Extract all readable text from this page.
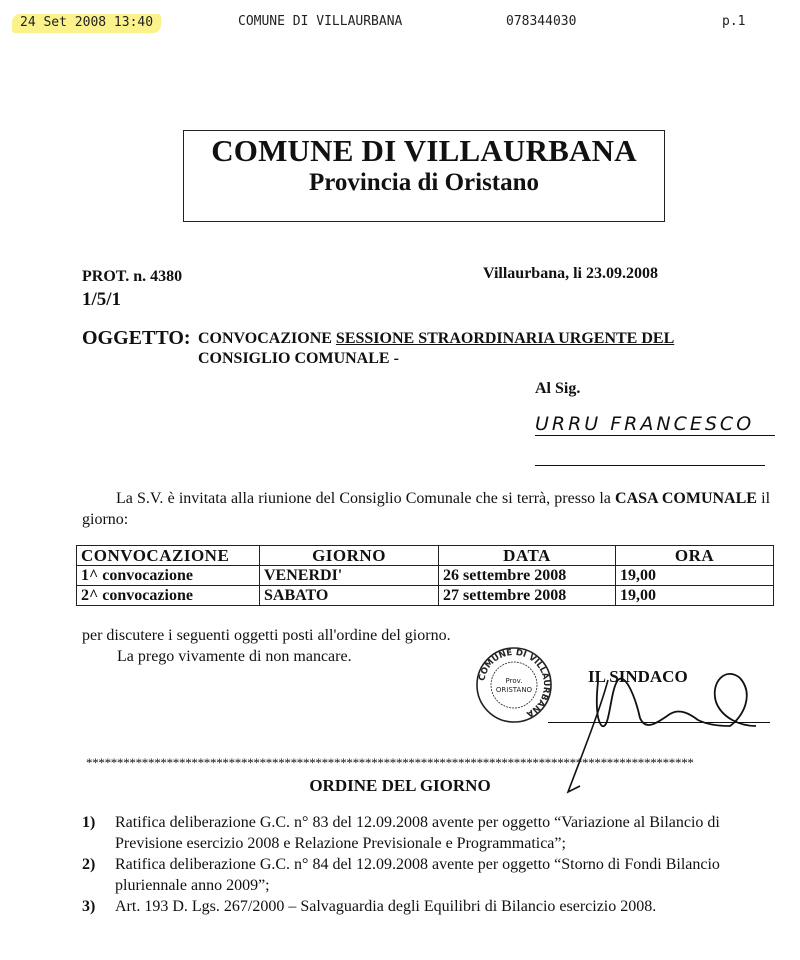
24 Set 2008 13:40	COMUNE DI VILLAURBANA	078344030	p.1
COMUNE DI VILLAURBANA
Provincia di Oristano
PROT. n. 4380
1/5/1
Villaurbana, li 23.09.2008
OGGETTO: CONVOCAZIONE SESSIONE STRAORDINARIA URGENTE DEL
CONSIGLIO COMUNALE -
Al Sig.
URRU FRANCESCO
La S.V. è invitata alla riunione del Consiglio Comunale che si terrà, presso la CASA COMUNALE il giorno:
CONVOCAZIONE	GIORNO	DATA	ORA
1^ convocazione	VENERDI'	26 settembre 2008	19,00
2^ convocazione	SABATO	27 settembre 2008	19,00
per discutere i seguenti oggetti posti all'ordine del giorno.
La prego vivamente di non mancare.
COMUNE DI VILLAURBANA
Prov.
ORISTANO
IL SINDACO
**************************************************************************************************
ORDINE DEL GIORNO
1) Ratifica deliberazione G.C. n° 83 del 12.09.2008 avente per oggetto “Variazione al Bilancio di Previsione esercizio 2008 e Relazione Previsionale e Programmatica”;
2) Ratifica deliberazione G.C. n° 84 del 12.09.2008 avente per oggetto “Storno di Fondi Bilancio pluriennale anno 2009”;
3) Art. 193 D. Lgs. 267/2000 – Salvaguardia degli Equilibri di Bilancio esercizio 2008.
